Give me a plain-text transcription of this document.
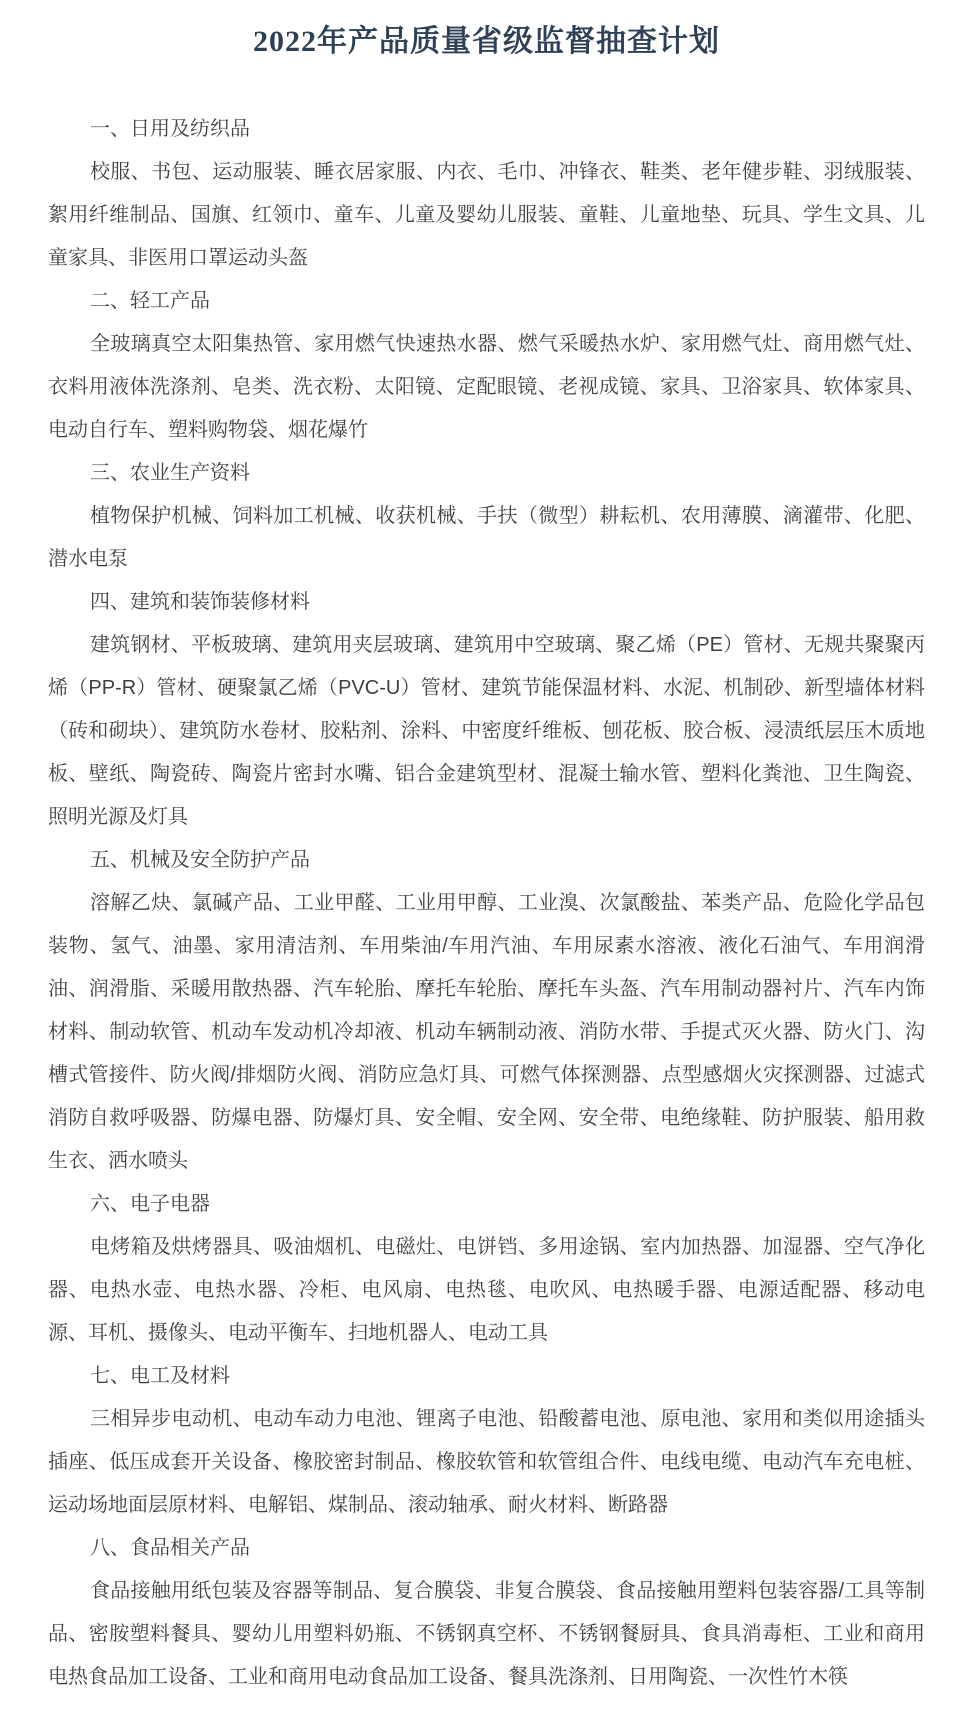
2022年产品质量省级监督抽查计划

一、日用及纺织品

校服、书包、运动服装、睡衣居家服、内衣、毛巾、冲锋衣、鞋类、老年健步鞋、羽绒服装、絮用纤维制品、国旗、红领巾、童车、儿童及婴幼儿服装、童鞋、儿童地垫、玩具、学生文具、儿童家具、非医用口罩运动头盔

二、轻工产品

全玻璃真空太阳集热管、家用燃气快速热水器、燃气采暖热水炉、家用燃气灶、商用燃气灶、衣料用液体洗涤剂、皂类、洗衣粉、太阳镜、定配眼镜、老视成镜、家具、卫浴家具、软体家具、电动自行车、塑料购物袋、烟花爆竹

三、农业生产资料

植物保护机械、饲料加工机械、收获机械、手扶（微型）耕耘机、农用薄膜、滴灌带、化肥、潜水电泵

四、建筑和装饰装修材料

建筑钢材、平板玻璃、建筑用夹层玻璃、建筑用中空玻璃、聚乙烯（PE）管材、无规共聚聚丙烯（PP-R）管材、硬聚氯乙烯（PVC-U）管材、建筑节能保温材料、水泥、机制砂、新型墙体材料（砖和砌块）、建筑防水卷材、胶粘剂、涂料、中密度纤维板、刨花板、胶合板、浸渍纸层压木质地板、壁纸、陶瓷砖、陶瓷片密封水嘴、铝合金建筑型材、混凝土输水管、塑料化粪池、卫生陶瓷、照明光源及灯具

五、机械及安全防护产品

溶解乙炔、氯碱产品、工业甲醛、工业用甲醇、工业溴、次氯酸盐、苯类产品、危险化学品包装物、氢气、油墨、家用清洁剂、车用柴油/车用汽油、车用尿素水溶液、液化石油气、车用润滑油、润滑脂、采暖用散热器、汽车轮胎、摩托车轮胎、摩托车头盔、汽车用制动器衬片、汽车内饰材料、制动软管、机动车发动机冷却液、机动车辆制动液、消防水带、手提式灭火器、防火门、沟槽式管接件、防火阀/排烟防火阀、消防应急灯具、可燃气体探测器、点型感烟火灾探测器、过滤式消防自救呼吸器、防爆电器、防爆灯具、安全帽、安全网、安全带、电绝缘鞋、防护服装、船用救生衣、洒水喷头

六、电子电器

电烤箱及烘烤器具、吸油烟机、电磁灶、电饼铛、多用途锅、室内加热器、加湿器、空气净化器、电热水壶、电热水器、冷柜、电风扇、电热毯、电吹风、电热暖手器、电源适配器、移动电源、耳机、摄像头、电动平衡车、扫地机器人、电动工具

七、电工及材料

三相异步电动机、电动车动力电池、锂离子电池、铅酸蓄电池、原电池、家用和类似用途插头插座、低压成套开关设备、橡胶密封制品、橡胶软管和软管组合件、电线电缆、电动汽车充电桩、运动场地面层原材料、电解铝、煤制品、滚动轴承、耐火材料、断路器

八、食品相关产品

食品接触用纸包装及容器等制品、复合膜袋、非复合膜袋、食品接触用塑料包装容器/工具等制品、密胺塑料餐具、婴幼儿用塑料奶瓶、不锈钢真空杯、不锈钢餐厨具、食具消毒柜、工业和商用电热食品加工设备、工业和商用电动食品加工设备、餐具洗涤剂、日用陶瓷、一次性竹木筷
